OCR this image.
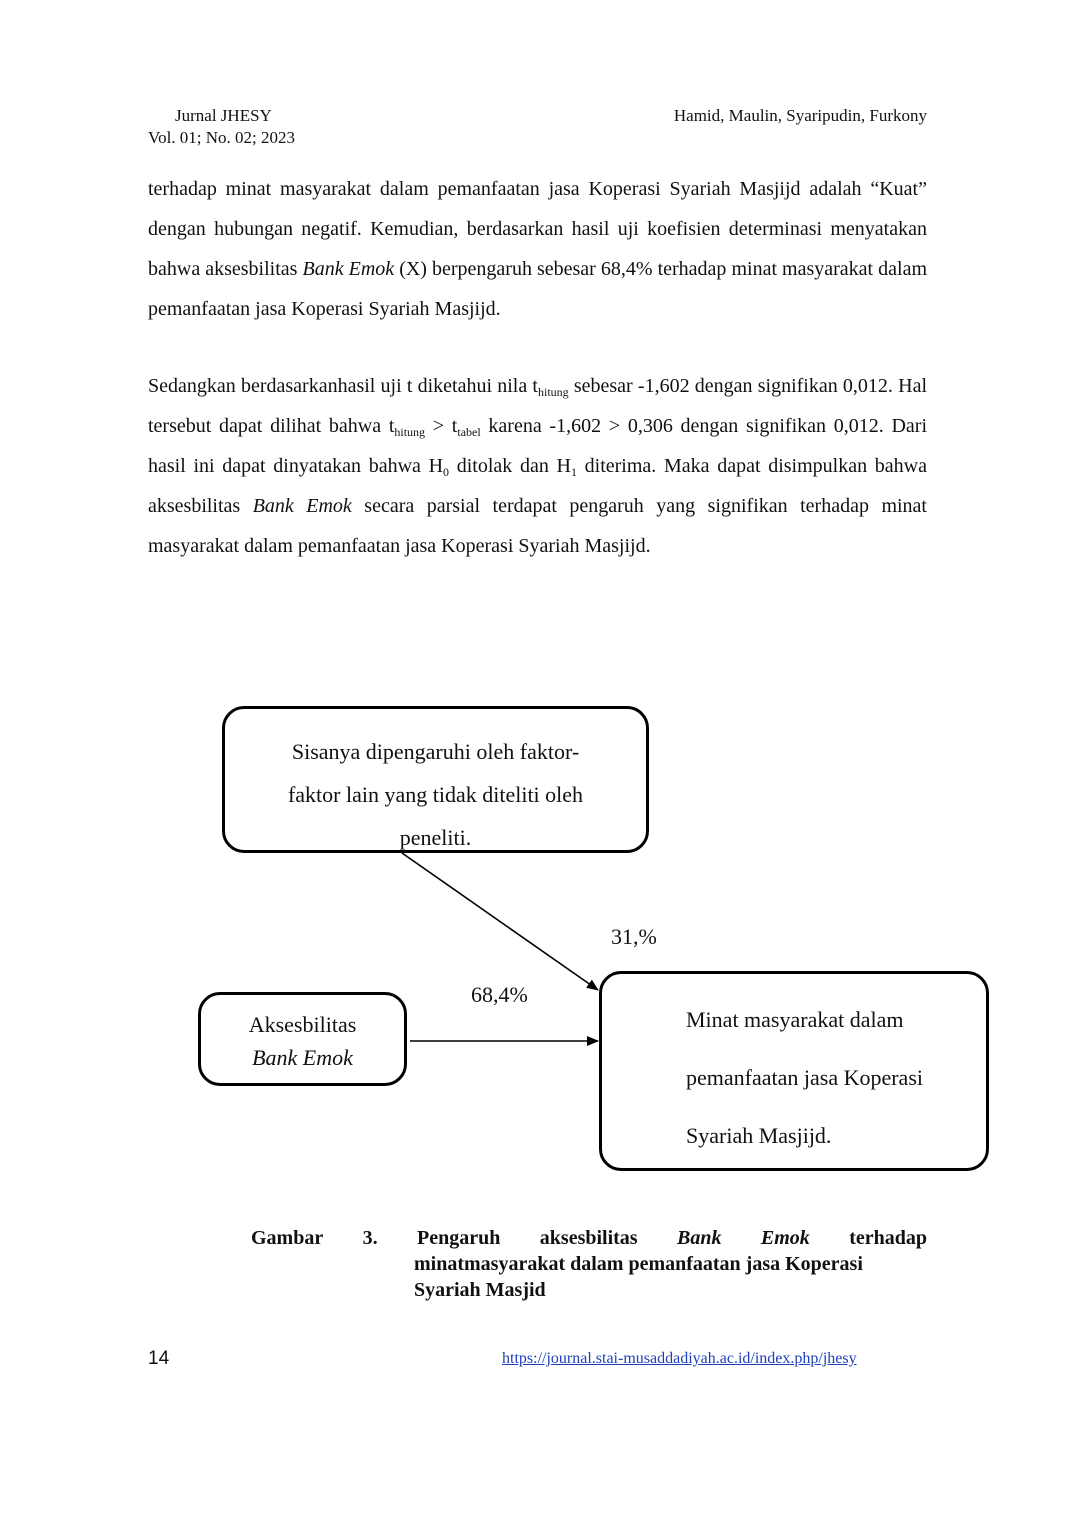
Jurnal JHESY
Vol. 01; No. 02; 2023
Hamid, Maulin, Syaripudin, Furkony

terhadap minat masyarakat dalam pemanfaatan jasa Koperasi Syariah Masjijd adalah “Kuat” dengan hubungan negatif. Kemudian, berdasarkan hasil uji koefisien determinasi menyatakan bahwa aksesbilitas Bank Emok (X) berpengaruh sebesar 68,4% terhadap minat masyarakat dalam pemanfaatan jasa Koperasi Syariah Masjijd.

Sedangkan berdasarkanhasil uji t diketahui nila $t_{hitung}$ sebesar -1,602 dengan signifikan 0,012. Hal tersebut dapat dilihat bahwa $t_{hitung} > t_{tabel}$ karena -1,602 > 0,306 dengan signifikan 0,012. Dari hasil ini dapat dinyatakan bahwa $H_0$ ditolak dan $H_1$ diterima. Maka dapat disimpulkan bahwa aksesbilitas Bank Emok secara parsial terdapat pengaruh yang signifikan terhadap minat masyarakat dalam pemanfaatan jasa Koperasi Syariah Masjijd.

Sisanya dipengaruhi oleh faktor-
faktor lain yang tidak diteliti oleh
peneliti.
Aksesbilitas
Bank Emok
Minat masyarakat dalam
pemanfaatan jasa Koperasi
Syariah Masjijd.
31,%
68,4%
Gambar 3. Pengaruh aksesbilitas Bank Emok terhadap
minatmasyarakat dalam pemanfaatan jasa Koperasi
Syariah Masjid
14	https://journal.stai-musaddadiyah.ac.id/index.php/jhesy
